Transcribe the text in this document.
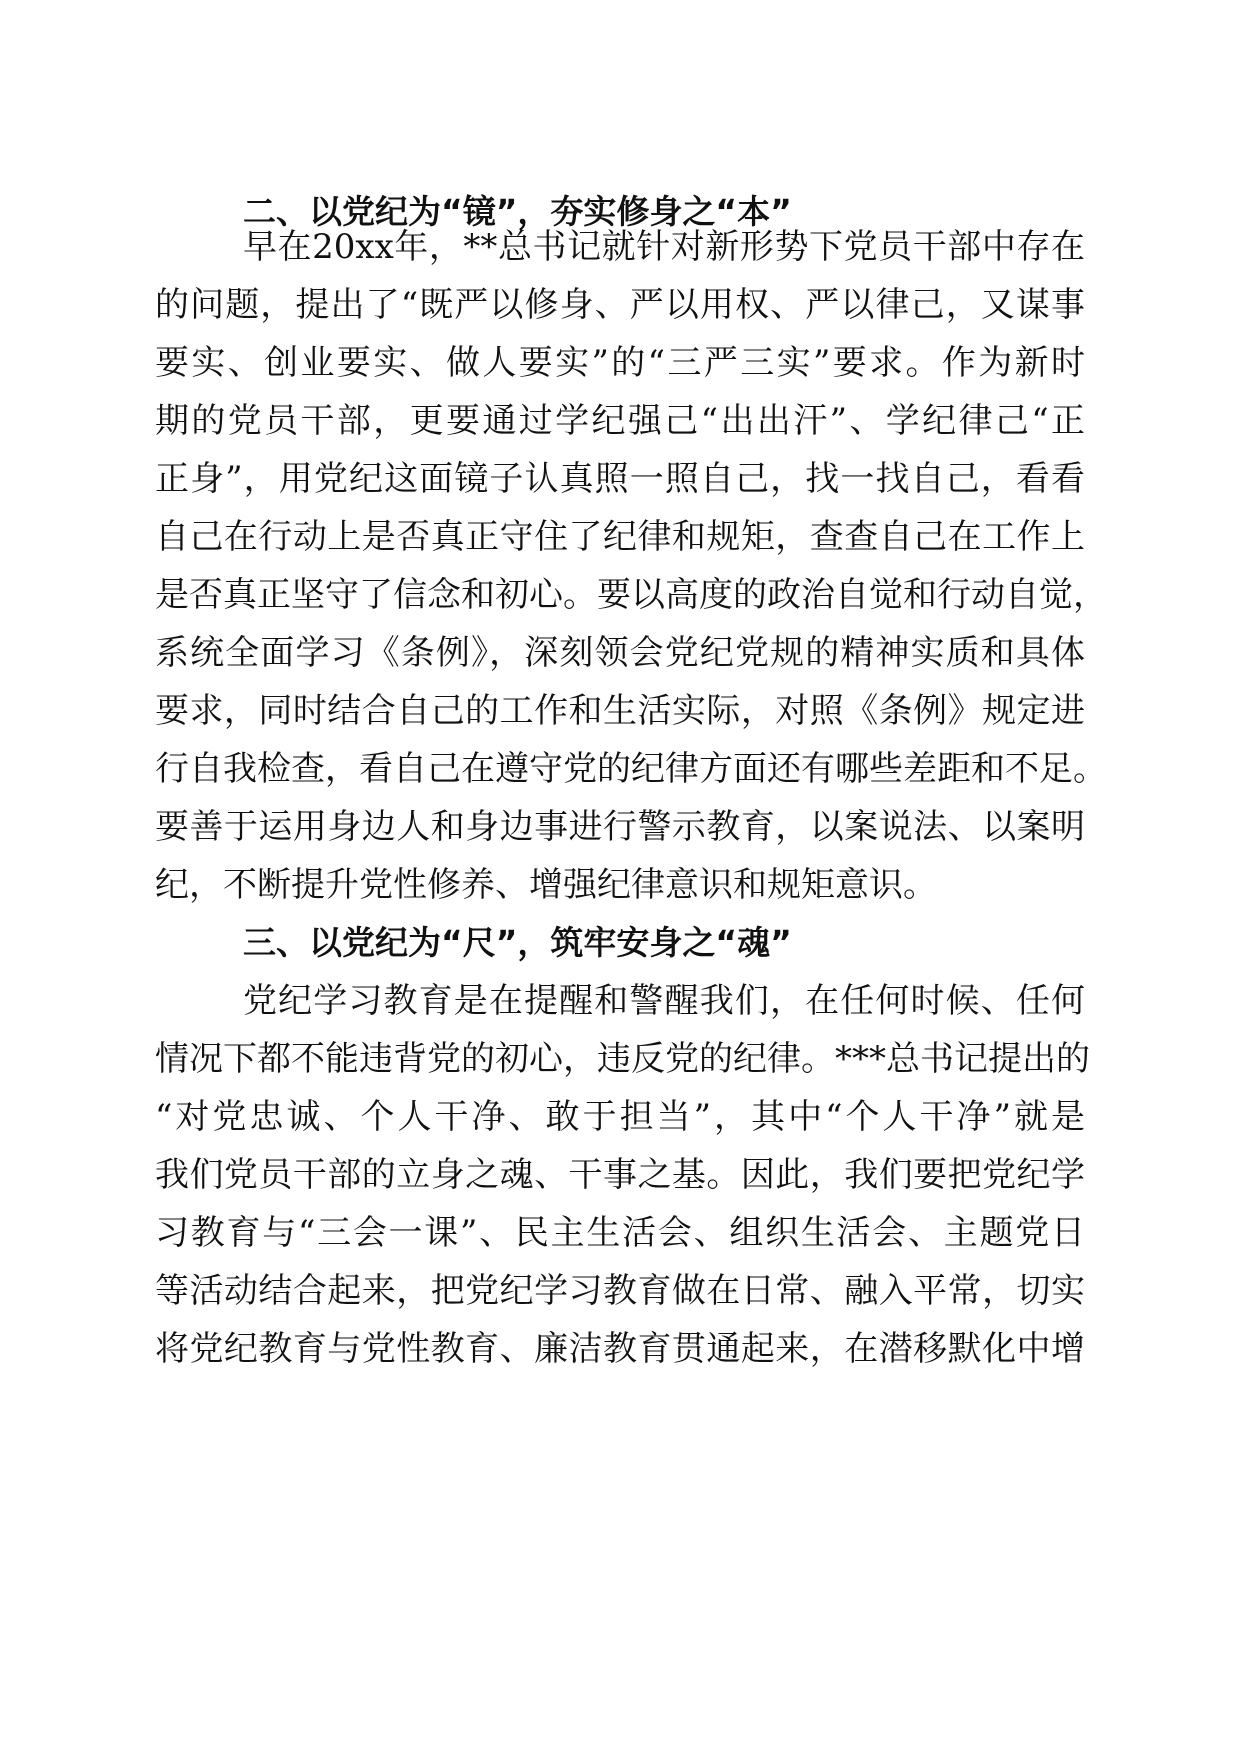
二、以党纪为“镜”，夯实修身之“本”
早在20xx年，**总书记就针对新形势下党员干部中存在
的问题，提出了“既严以修身、严以用权、严以律己，又谋事
要实、创业要实、做人要实”的“三严三实”要求。作为新时
期的党员干部，更要通过学纪强己“出出汗”、学纪律己“正
正身”，用党纪这面镜子认真照一照自己，找一找自己，看看
自己在行动上是否真正守住了纪律和规矩，查查自己在工作上
是否真正坚守了信念和初心。要以高度的政治自觉和行动自觉，
系统全面学习《条例》，深刻领会党纪党规的精神实质和具体
要求，同时结合自己的工作和生活实际，对照《条例》规定进
行自我检查，看自己在遵守党的纪律方面还有哪些差距和不足。
要善于运用身边人和身边事进行警示教育，以案说法、以案明
纪，不断提升党性修养、增强纪律意识和规矩意识。
三、以党纪为“尺”，筑牢安身之“魂”
党纪学习教育是在提醒和警醒我们，在任何时候、任何
情况下都不能违背党的初心，违反党的纪律。***总书记提出的
“对党忠诚、个人干净、敢于担当”，其中“个人干净”就是
我们党员干部的立身之魂、干事之基。因此，我们要把党纪学
习教育与“三会一课”、民主生活会、组织生活会、主题党日
等活动结合起来，把党纪学习教育做在日常、融入平常，切实
将党纪教育与党性教育、廉洁教育贯通起来，在潜移默化中增
